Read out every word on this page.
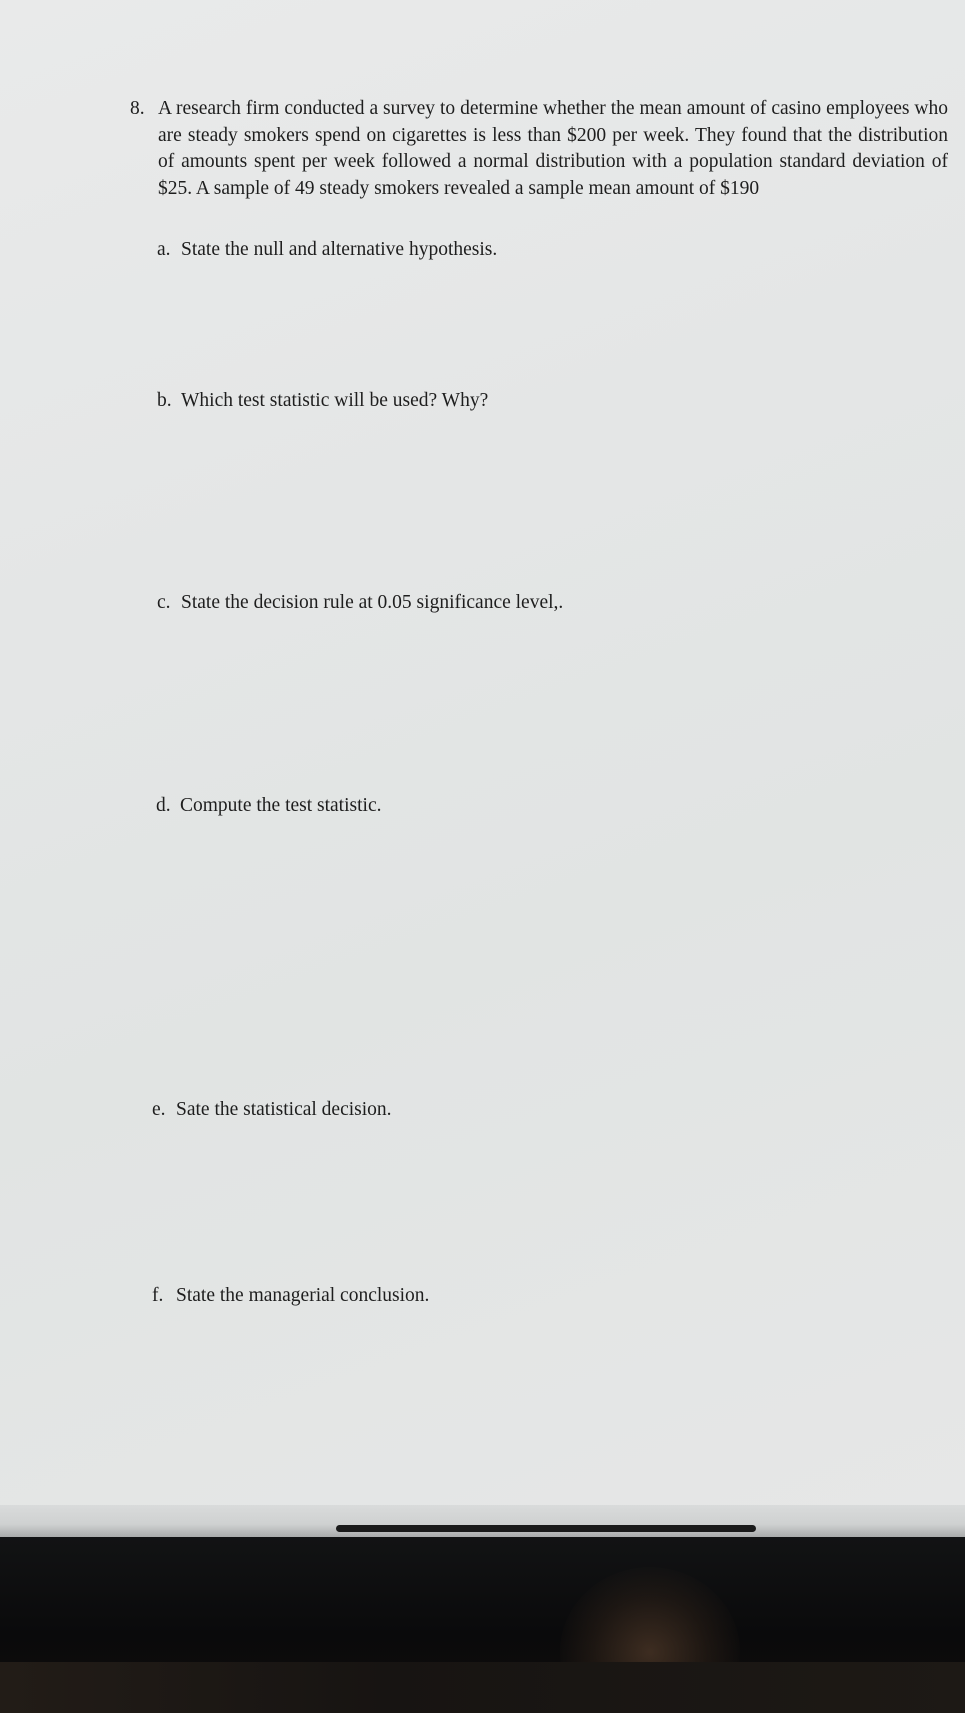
8. A research firm conducted a survey to determine whether the mean amount of casino employees who are steady smokers spend on cigarettes is less than $200 per week. They found that the distribution of amounts spent per week followed a normal distribution with a population standard deviation of $25. A sample of 49 steady smokers revealed a sample mean amount of $190
a. State the null and alternative hypothesis.
b. Which test statistic will be used? Why?
c. State the decision rule at 0.05 significance level,.
d. Compute the test statistic.
e. Sate the statistical decision.
f. State the managerial conclusion.
